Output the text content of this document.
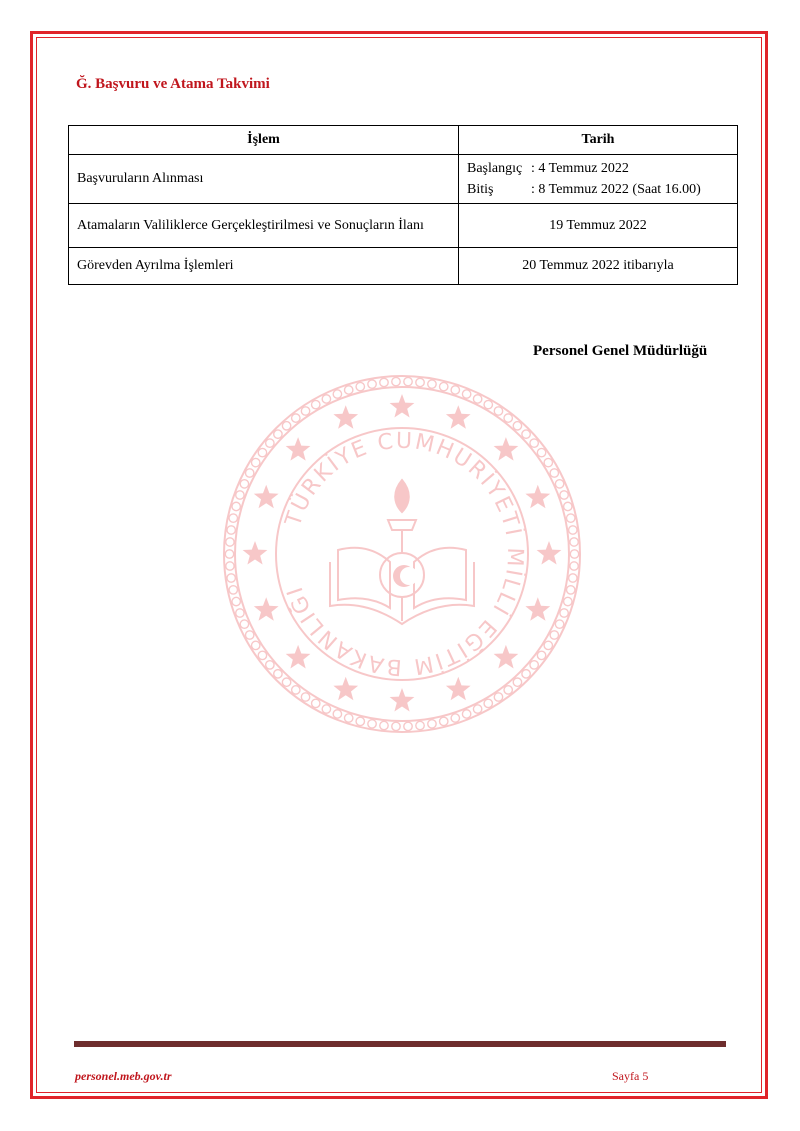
Ğ. Başvuru ve Atama Takvimi
İşlem	Tarih
Başvuruların Alınması	Başlangıç : 4 Temmuz 2022
Bitiş : 8 Temmuz 2022 (Saat 16.00)

Atamaların Valiliklerce Gerçekleştirilmesi ve Sonuçların İlanı	19 Temmuz 2022
Görevden Ayrılma İşlemleri	20 Temmuz 2022 itibarıyla
Personel Genel Müdürlüğü
TÜRKİYE CUMHURİYETİ MİLLİ EĞİTİM BAKANLIĞI
personel.meb.gov.tr	Sayfa 5
